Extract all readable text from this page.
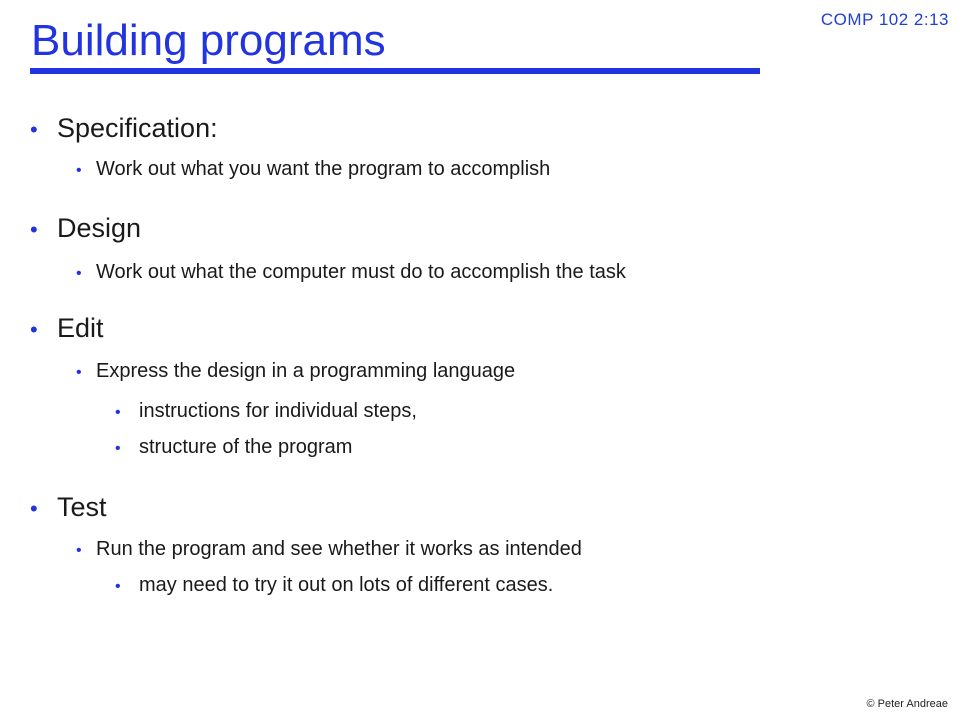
COMP 102 2:13
Building programs
• Specification:
• Work out what you want the program to accomplish
• Design
• Work out what the computer must do to accomplish the task
• Edit
• Express the design in a programming language
• instructions for individual steps,
• structure of the program
• Test
• Run the program and see whether it works as intended
• may need to try it out on lots of different cases.
© Peter Andreae
